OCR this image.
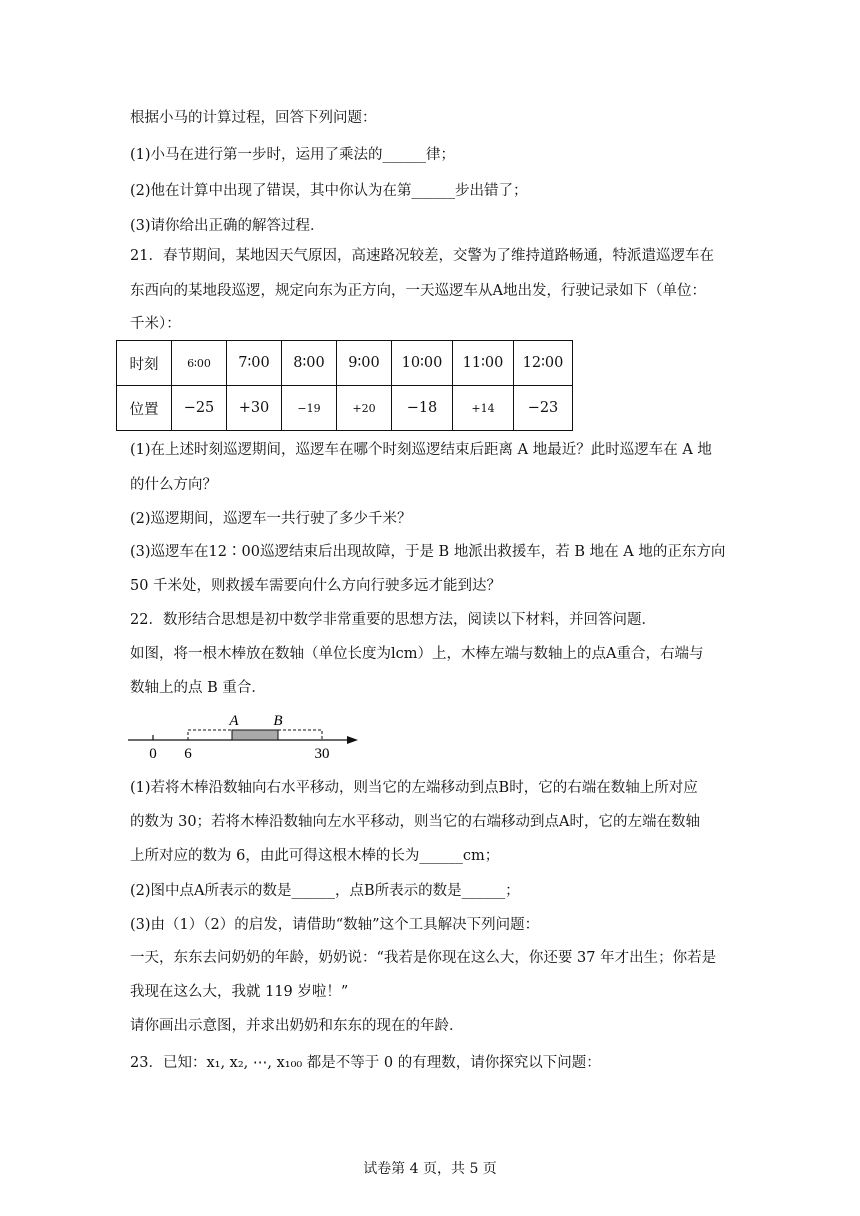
根据小马的计算过程，回答下列问题：
(1)小马在进行第一步时，运用了乘法的______律；
(2)他在计算中出现了错误，其中你认为在第______步出错了；
(3)请你给出正确的解答过程．
21．春节期间，某地因天气原因，高速路况较差，交警为了维持道路畅通，特派遣巡逻车在
东西向的某地段巡逻，规定向东为正方向，一天巡逻车从A地出发，行驶记录如下（单位：
千米）：
时刻	6∶00	7∶00	8∶00	9∶00	10∶00	11∶00	12∶00
位置	−25	+30	−19	+20	−18	+14	−23
(1)在上述时刻巡逻期间，巡逻车在哪个时刻巡逻结束后距离 A 地最近？此时巡逻车在 A 地
的什么方向？
(2)巡逻期间，巡逻车一共行驶了多少千米？
(3)巡逻车在12∶00巡逻结束后出现故障，于是 B 地派出救援车，若 B 地在 A 地的正东方向
50 千米处，则救援车需要向什么方向行驶多远才能到达？
22．数形结合思想是初中数学非常重要的思想方法，阅读以下材料，并回答问题．
如图，将一根木棒放在数轴（单位长度为lcm）上，木棒左端与数轴上的点A重合，右端与
数轴上的点 B 重合．
A B
0 6	30
(1)若将木棒沿数轴向右水平移动，则当它的左端移动到点B时，它的右端在数轴上所对应
的数为 30；若将木棒沿数轴向左水平移动，则当它的右端移动到点A时，它的左端在数轴
上所对应的数为 6，由此可得这根木棒的长为______cm；
(2)图中点A所表示的数是______，点B所表示的数是______；
(3)由（1）（2）的启发，请借助“数轴”这个工具解决下列问题：
一天，东东去问奶奶的年龄，奶奶说：“我若是你现在这么大，你还要 37 年才出生；你若是
我现在这么大，我就 119 岁啦！”
请你画出示意图，并求出奶奶和东东的现在的年龄．
23．已知：x₁, x₂, ⋯, x₁₀₀ 都是不等于 0 的有理数，请你探究以下问题：
试卷第 4 页，共 5 页
